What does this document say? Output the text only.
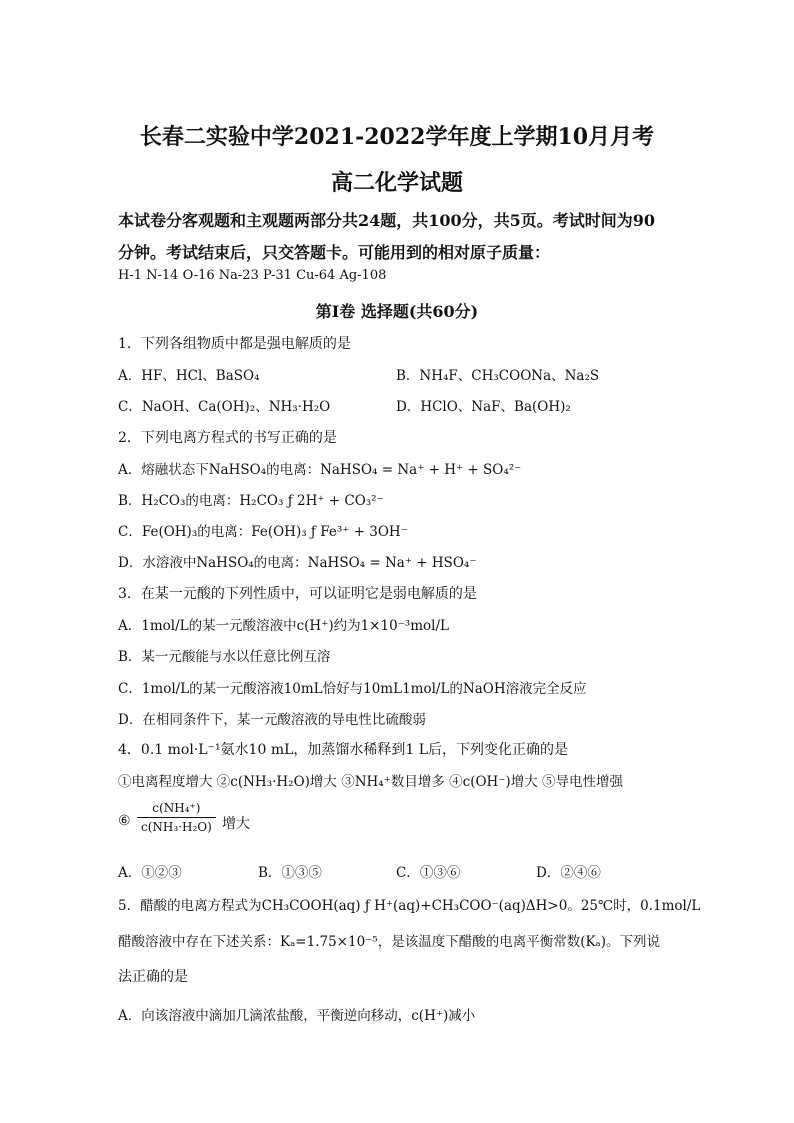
长春二实验中学2021-2022学年度上学期10月月考
高二化学试题
本试卷分客观题和主观题两部分共24题，共100分，共5页。考试时间为90
分钟。考试结束后，只交答题卡。可能用到的相对原子质量：
H-1 N-14 O-16 Na-23 P-31 Cu-64 Ag-108
第Ⅰ卷 选择题(共60分)
1．下列各组物质中都是强电解质的是
A．HF、HCl、BaSO₄	B．NH₄F、CH₃COONa、Na₂S
C．NaOH、Ca(OH)₂、NH₃·H₂O	D．HClO、NaF、Ba(OH)₂
2．下列电离方程式的书写正确的是
A．熔融状态下NaHSO₄的电离：NaHSO₄ = Na⁺ + H⁺ + SO₄²⁻
B．H₂CO₃的电离：H₂CO₃ ƒ 2H⁺ + CO₃²⁻
C．Fe(OH)₃的电离：Fe(OH)₃ ƒ Fe³⁺ + 3OH⁻
D．水溶液中NaHSO₄的电离：NaHSO₄ = Na⁺ + HSO₄⁻
3．在某一元酸的下列性质中，可以证明它是弱电解质的是
A．1mol/L的某一元酸溶液中c(H⁺)约为1×10⁻³mol/L
B．某一元酸能与水以任意比例互溶
C．1mol/L的某一元酸溶液10mL恰好与10mL1mol/L的NaOH溶液完全反应
D．在相同条件下，某一元酸溶液的导电性比硫酸弱
4．0.1 mol·L⁻¹氨水10 mL，加蒸馏水稀释到1 L后，下列变化正确的是
①电离程度增大 ②c(NH₃·H₂O)增大 ③NH₄⁺数目增多 ④c(OH⁻)增大 ⑤导电性增强
⑥
c(NH₄⁺)
c(NH₃·H₂O) 增大
A．①②③	B．①③⑤	C．①③⑥	D．②④⑥
5．醋酸的电离方程式为CH₃COOH(aq) ƒ H⁺(aq)+CH₃COO⁻(aq)ΔH>0。25℃时，0.1mol/L
醋酸溶液中存在下述关系：Kₐ=1.75×10⁻⁵，是该温度下醋酸的电离平衡常数(Kₐ)。下列说
法正确的是
A．向该溶液中滴加几滴浓盐酸，平衡逆向移动，c(H⁺)减小
